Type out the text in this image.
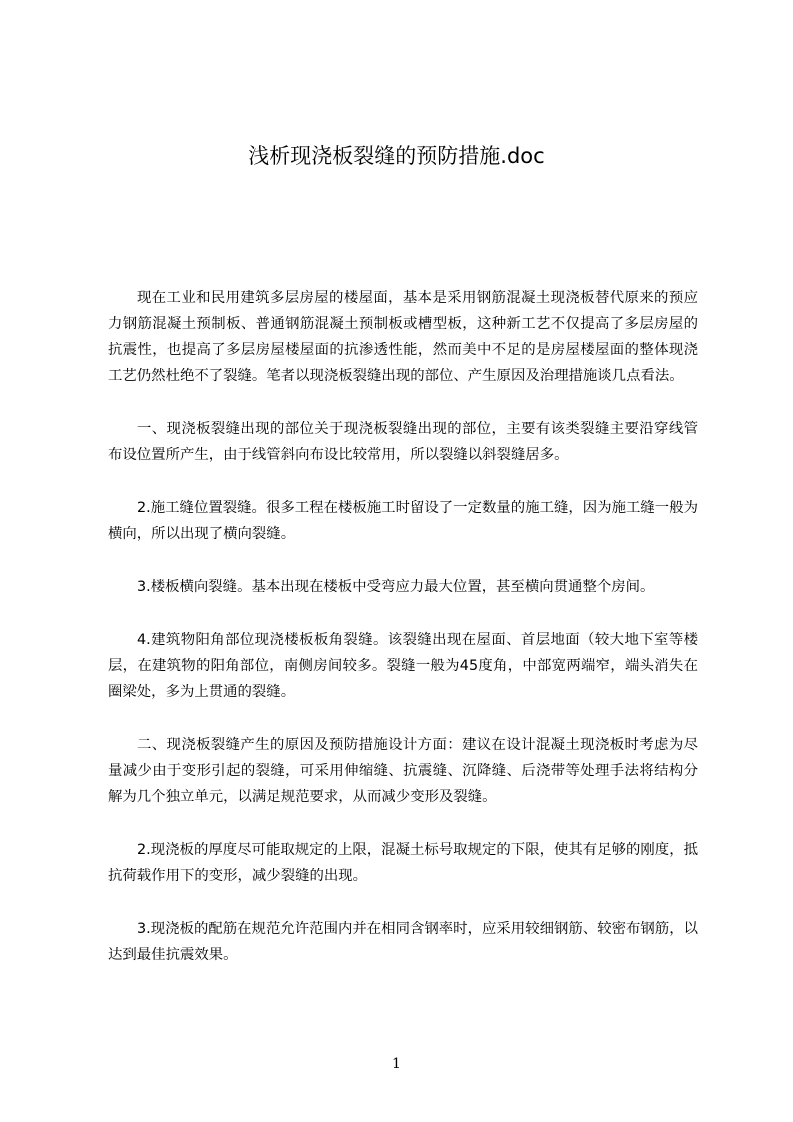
浅析现浇板裂缝的预防措施.doc

现在工业和民用建筑多层房屋的楼屋面，基本是采用钢筋混凝土现浇板替代原来的预应力钢筋混凝土预制板、普通钢筋混凝土预制板或槽型板，这种新工艺不仅提高了多层房屋的抗震性，也提高了多层房屋楼屋面的抗渗透性能，然而美中不足的是房屋楼屋面的整体现浇工艺仍然杜绝不了裂缝。笔者以现浇板裂缝出现的部位、产生原因及治理措施谈几点看法。

一、现浇板裂缝出现的部位关于现浇板裂缝出现的部位，主要有该类裂缝主要沿穿线管布设位置所产生，由于线管斜向布设比较常用，所以裂缝以斜裂缝居多。

2.施工缝位置裂缝。很多工程在楼板施工时留设了一定数量的施工缝，因为施工缝一般为横向，所以出现了横向裂缝。

3.楼板横向裂缝。基本出现在楼板中受弯应力最大位置，甚至横向贯通整个房间。

4.建筑物阳角部位现浇楼板板角裂缝。该裂缝出现在屋面、首层地面（较大地下室等楼层，在建筑物的阳角部位，南侧房间较多。裂缝一般为45度角，中部宽两端窄，端头消失在圈梁处，多为上贯通的裂缝。

二、现浇板裂缝产生的原因及预防措施设计方面：建议在设计混凝土现浇板时考虑为尽量减少由于变形引起的裂缝，可采用伸缩缝、抗震缝、沉降缝、后浇带等处理手法将结构分解为几个独立单元，以满足规范要求，从而减少变形及裂缝。

2.现浇板的厚度尽可能取规定的上限，混凝土标号取规定的下限，使其有足够的刚度，抵抗荷载作用下的变形，减少裂缝的出现。

3.现浇板的配筋在规范允许范围内并在相同含钢率时，应采用较细钢筋、较密布钢筋，以达到最佳抗震效果。

1
